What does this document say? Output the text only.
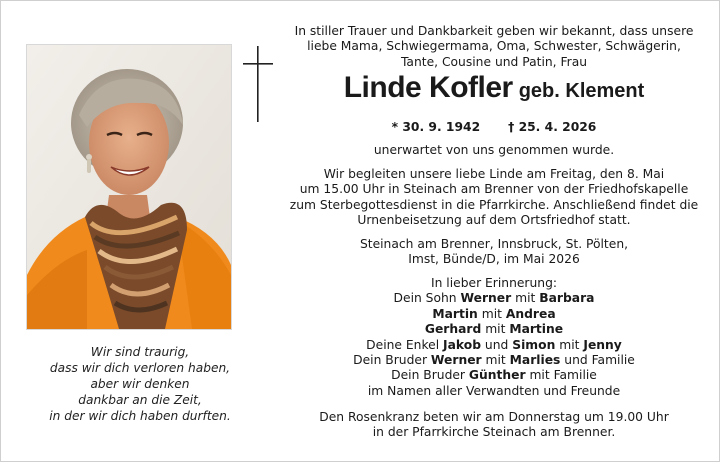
Wir sind traurig,
dass wir dich verloren haben,
aber wir denken
dankbar an die Zeit,
in der wir dich haben durften.

In stiller Trauer und Dankbarkeit geben wir bekannt, dass unsere

liebe Mama, Schwiegermama, Oma, Schwester, Schwägerin,

Tante, Cousine und Patin, Frau

Linde Kofler geb. Klement
* 30. 9. 1942 † 25. 4. 2026

unerwartet von uns genommen wurde.

Wir begleiten unsere liebe Linde am Freitag, den 8. Mai

um 15.00 Uhr in Steinach am Brenner von der Friedhofskapelle

zum Sterbegottesdienst in die Pfarrkirche. Anschließend findet die

Urnenbeisetzung auf dem Ortsfriedhof statt.

Steinach am Brenner, Innsbruck, St. Pölten,

Imst, Bünde/D, im Mai 2026

In lieber Erinnerung:

Dein Sohn Werner mit Barbara

Martin mit Andrea

Gerhard mit Martine

Deine Enkel Jakob und Simon mit Jenny

Dein Bruder Werner mit Marlies und Familie

Dein Bruder Günther mit Familie

im Namen aller Verwandten und Freunde

Den Rosenkranz beten wir am Donnerstag um 19.00 Uhr

in der Pfarrkirche Steinach am Brenner.
